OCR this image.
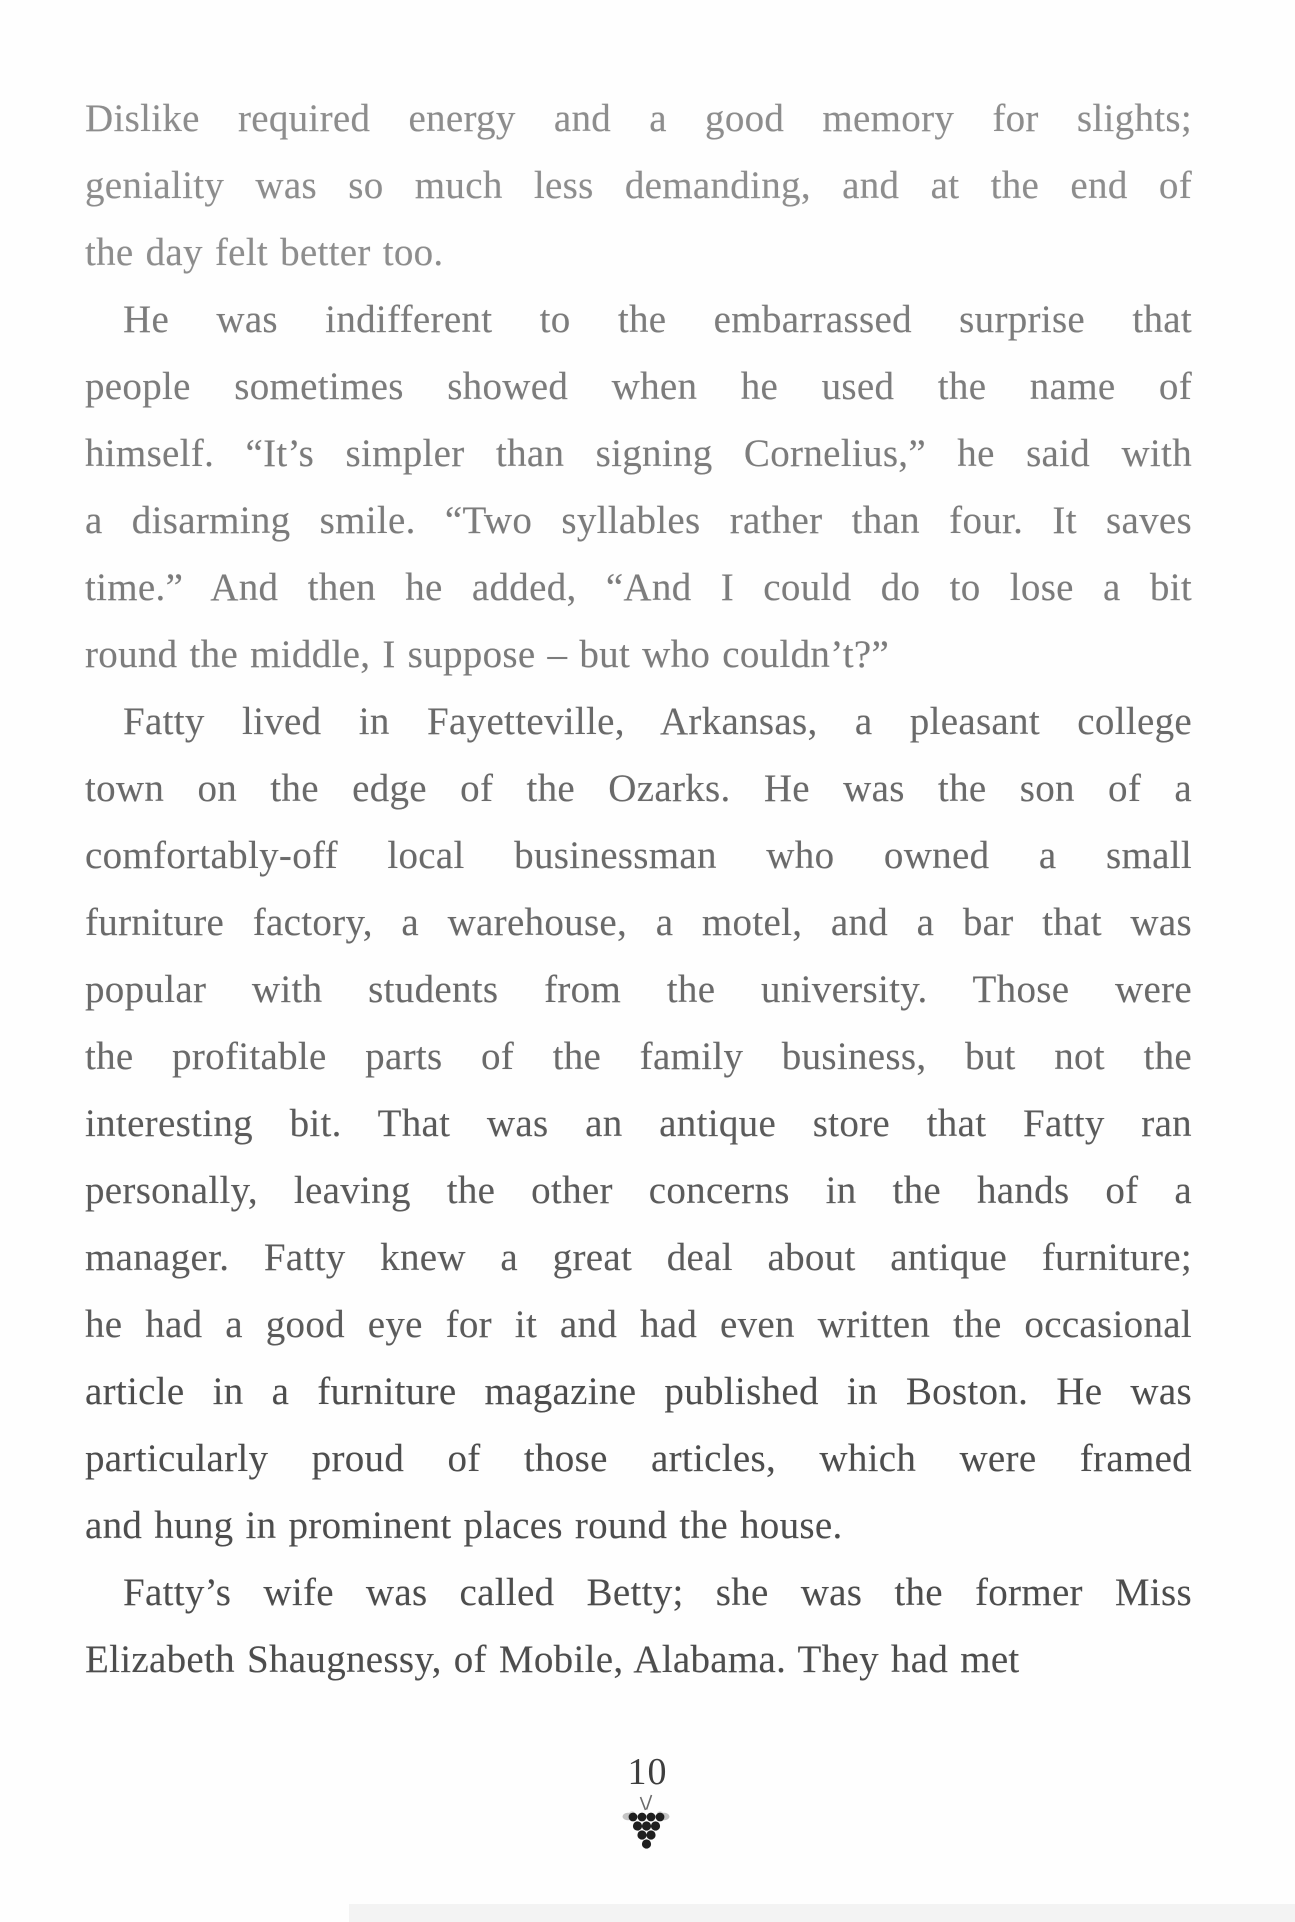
Dislike required energy and a good memory for slights;
geniality was so much less demanding, and at the end of
the day felt better too.
He was indifferent to the embarrassed surprise that
people sometimes showed when he used the name of
himself. “It’s simpler than signing Cornelius,” he said with
a disarming smile. “Two syllables rather than four. It saves
time.” And then he added, “And I could do to lose a bit
round the middle, I suppose – but who couldn’t?”
Fatty lived in Fayetteville, Arkansas, a pleasant college
town on the edge of the Ozarks. He was the son of a
comfortably-off local businessman who owned a small
furniture factory, a warehouse, a motel, and a bar that was
popular with students from the university. Those were
the profitable parts of the family business, but not the
interesting bit. That was an antique store that Fatty ran
personally, leaving the other concerns in the hands of a
manager. Fatty knew a great deal about antique furniture;
he had a good eye for it and had even written the occasional
article in a furniture magazine published in Boston. He was
particularly proud of those articles, which were framed
and hung in prominent places round the house.
Fatty’s wife was called Betty; she was the former Miss
Elizabeth Shaugnessy, of Mobile, Alabama. They had met
10
